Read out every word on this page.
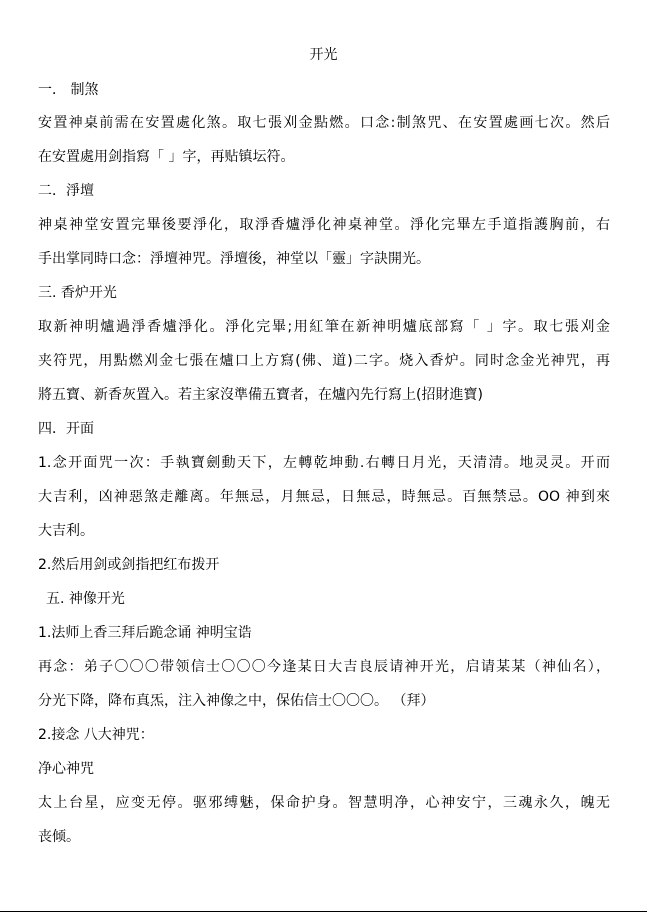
开光
一． 制煞
安置神桌前需在安置處化煞。取七張刈金點燃。口念:制煞咒、在安置處画七次。然后
在安置處用剑指寫「 」字，再贴镇坛符。
二．淨壇
神桌神堂安置完畢後要淨化，取淨香爐淨化神桌神堂。淨化完畢左手道指護胸前，右
手出掌同時口念：淨壇神咒。淨壇後，神堂以「靈」字訣開光。
三. 香炉开光
取新神明爐過淨香爐淨化。淨化完畢;用紅筆在新神明爐底部寫「 」字。取七張刈金
夹符咒，用點燃刈金七張在爐口上方寫(佛、道)二字。烧入香炉。同时念金光神咒，再
將五寶、新香灰置入。若主家沒準備五寶者，在爐內先行寫上(招財進寶)
四．开面
1.念开面咒一次：手執寶劍動天下，左轉乾坤動.右轉日月光，天清清。地灵灵。开而
大吉利，凶神惡煞走離离。年無忌，月無忌，日無忌，時無忌。百無禁忌。OO 神到來
大吉利。
2.然后用剑或剑指把红布拨开
五. 神像开光
1.法师上香三拜后跪念诵 神明宝诰
再念：弟子〇〇〇带领信士〇〇〇今逢某日大吉良辰请神开光，启请某某（神仙名），
分光下降，降布真炁，注入神像之中，保佑信士〇〇〇。 （拜）
2.接念 八大神咒：
净心神咒
太上台星，应变无停。驱邪缚魅，保命护身。智慧明净，心神安宁，三魂永久，魄无
丧倾。
